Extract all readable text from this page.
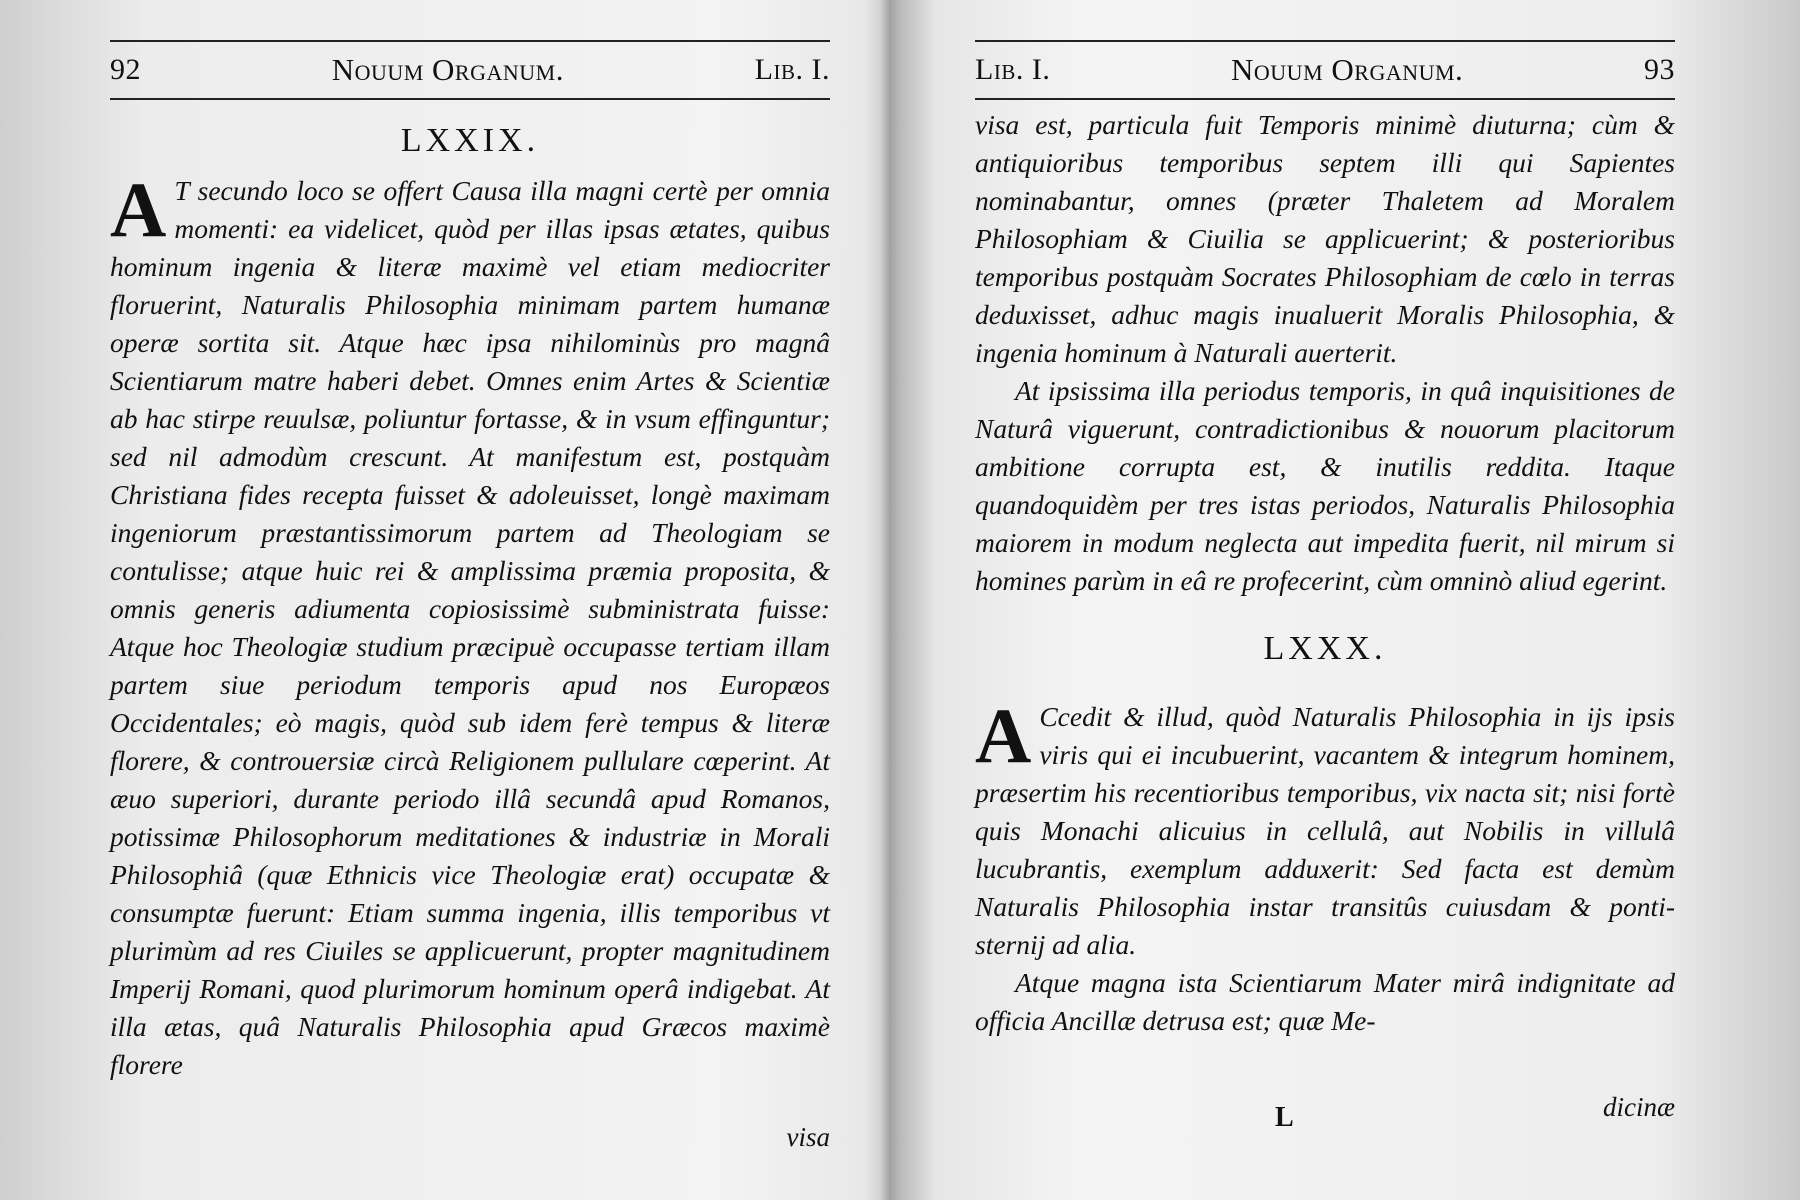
92	Nouum Organum.	Lib. I.
LXXIX.

A T secundo loco se offert Causa illa magni certè per omnia momenti: ea videlicet, quòd per illas ipsas ætates, quibus hominum ingenia & literæ maximè vel etiam mediocriter floruerint, Naturalis Philosophia minimam partem humanæ operæ sortita sit. Atque hæc ipsa nihilominùs pro magnâ Scientiarum matre haberi debet. Omnes enim Artes & Scientiæ ab hac stirpe reuulsæ, poliuntur fortasse, & in vsum effinguntur; sed nil admodùm crescunt. At manifestum est, postquàm Christiana fides recepta fuisset & adoleuisset, longè maximam ingeniorum præstantissimorum partem ad Theologiam se contulisse; atque huic rei & amplissima præmia proposita, & omnis generis adiumenta copiosissimè subministrata fuisse: Atque hoc Theologiæ studium præcipuè occupasse tertiam illam partem siue periodum temporis apud nos Europæos Occidentales; eò magis, quòd sub idem ferè tempus & literæ florere, & controuersiæ circà Religionem pullulare cœperint. At æuo superiori, durante periodo illâ secundâ apud Romanos, potissimæ Philosophorum meditationes & industriæ in Morali Philosophiâ (quæ Ethnicis vice Theologiæ erat) occupatæ & consumptæ fuerunt: Etiam summa ingenia, illis temporibus vt plurimùm ad res Ciuiles se applicuerunt, propter magnitudinem Imperij Romani, quod plurimorum hominum operâ indigebat. At illa ætas, quâ Naturalis Philosophia apud Græcos maximè florere

visa
Lib. I.	Nouum Organum.	93

visa est, particula fuit Temporis minimè diuturna; cùm & antiquioribus temporibus septem illi qui Sapientes nominabantur, omnes (præter Thaletem ad Moralem Philosophiam & Ciuilia se applicuerint; & posterioribus temporibus postquàm Socrates Philosophiam de cœlo in terras deduxisset, adhuc magis inualuerit Moralis Philosophia, & ingenia hominum à Naturali auerterit.

At ipsissima illa periodus temporis, in quâ inquisitiones de Naturâ viguerunt, contradictionibus & nouorum placitorum ambitione corrupta est, & inutilis reddita. Itaque quandoquidèm per tres istas periodos, Naturalis Philosophia maiorem in modum neglecta aut impedita fuerit, nil mirum si homines parùm in eâ re profecerint, cùm omninò aliud egerint.

LXXX.

A Ccedit & illud, quòd Naturalis Philosophia in ijs ipsis viris qui ei incubuerint, vacantem & integrum hominem, præsertim his recentioribus temporibus, vix nacta sit; nisi fortè quis Monachi alicuius in cellulâ, aut Nobilis in villulâ lucubrantis, exemplum adduxerit: Sed facta est demùm Naturalis Philosophia instar transitûs cuiusdam & ponti-sternij ad alia.

Atque magna ista Scientiarum Mater mirâ indignitate ad officia Ancillæ detrusa est; quæ Me-

dicinæ
L
